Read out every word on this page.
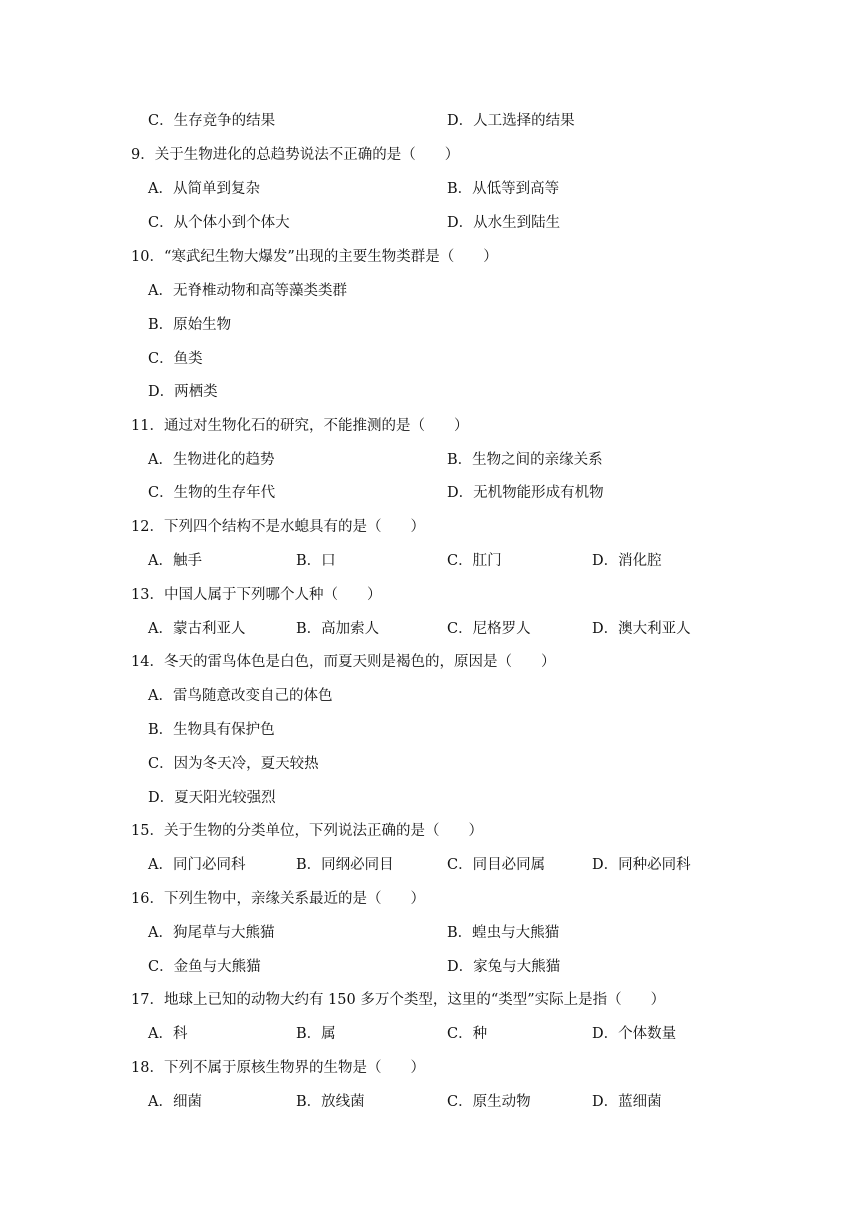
C．生存竞争的结果	D．人工选择的结果
9．关于生物进化的总趋势说法不正确的是（　　）
A．从简单到复杂	B．从低等到高等
C．从个体小到个体大	D．从水生到陆生
10．“寒武纪生物大爆发”出现的主要生物类群是（　　）
A．无脊椎动物和高等藻类类群
B．原始生物
C．鱼类
D．两栖类
11．通过对生物化石的研究，不能推测的是（　　）
A．生物进化的趋势	B．生物之间的亲缘关系
C．生物的生存年代	D．无机物能形成有机物
12．下列四个结构不是水螅具有的是（　　）
A．触手	B．口	C．肛门	D．消化腔
13．中国人属于下列哪个人种（　　）
A．蒙古利亚人	B．高加索人	C．尼格罗人	D．澳大利亚人
14．冬天的雷鸟体色是白色，而夏天则是褐色的，原因是（　　）
A．雷鸟随意改变自己的体色
B．生物具有保护色
C．因为冬天冷，夏天较热
D．夏天阳光较强烈
15．关于生物的分类单位，下列说法正确的是（　　）
A．同门必同科	B．同纲必同目	C．同目必同属	D．同种必同科
16．下列生物中，亲缘关系最近的是（　　）
A．狗尾草与大熊猫	B．蝗虫与大熊猫
C．金鱼与大熊猫	D．家兔与大熊猫
17．地球上已知的动物大约有 150 多万个类型，这里的“类型”实际上是指（　　）
A．科	B．属	C．种	D．个体数量
18．下列不属于原核生物界的生物是（　　）
A．细菌	B．放线菌	C．原生动物	D．蓝细菌
